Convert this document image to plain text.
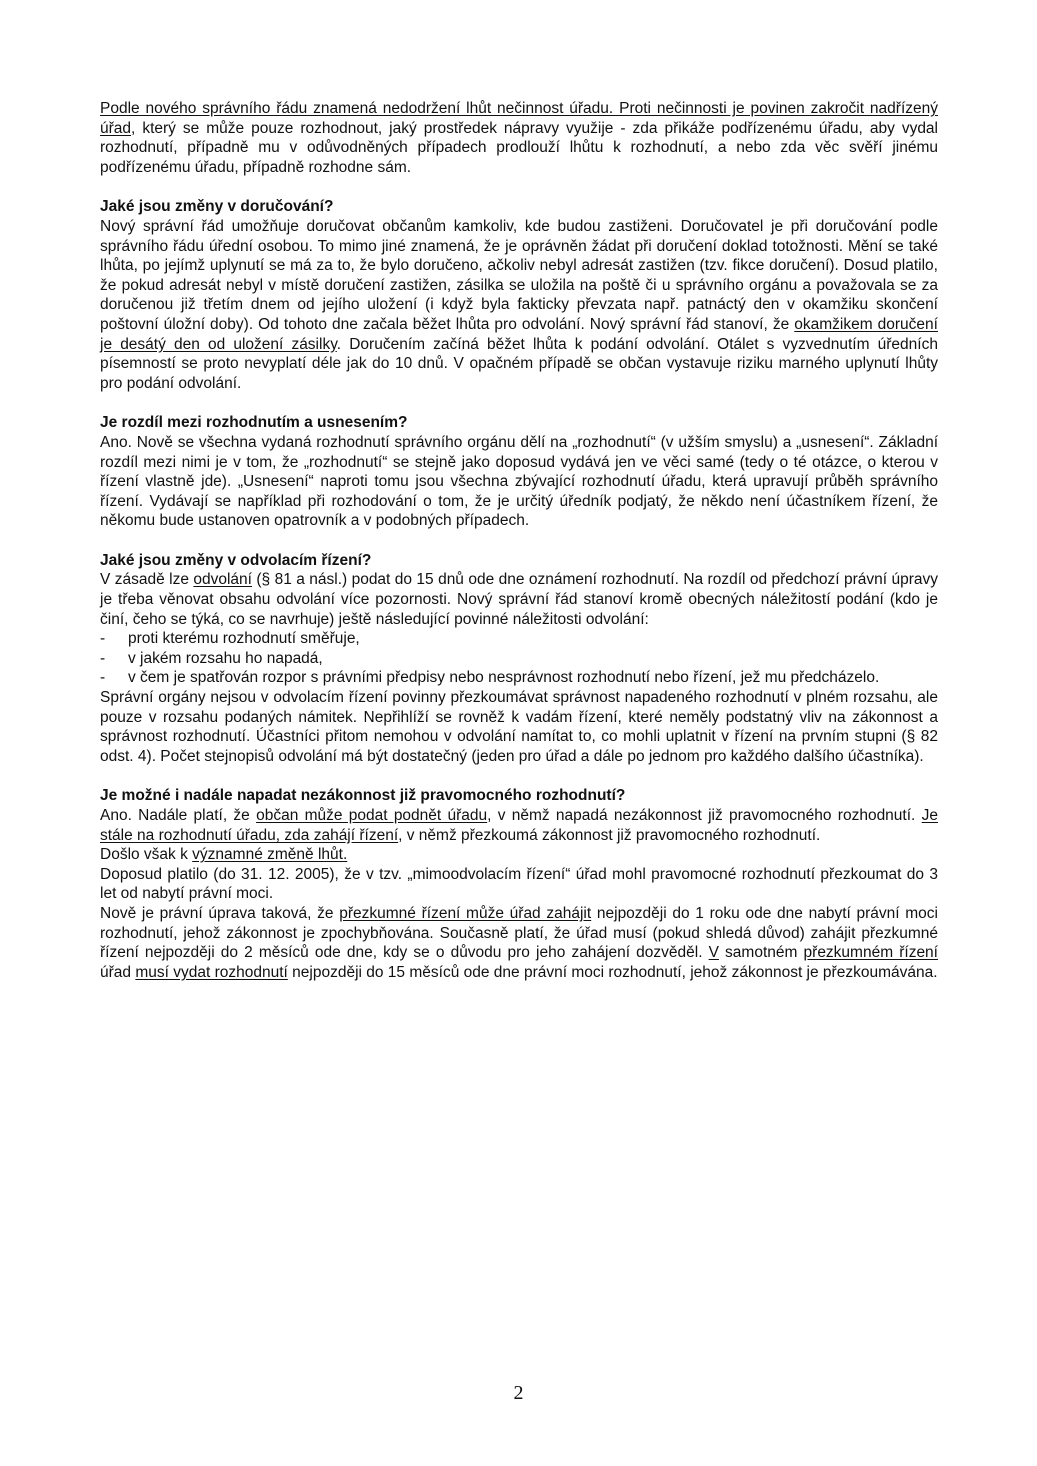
Podle nového správního řádu znamená nedodržení lhůt nečinnost úřadu. Proti nečinnosti je povinen zakročit nadřízený úřad, který se může pouze rozhodnout, jaký prostředek nápravy využije - zda přikáže podřízenému úřadu, aby vydal rozhodnutí, případně mu v odůvodněných případech prodlouží lhůtu k rozhodnutí, a nebo zda věc svěří jinému podřízenému úřadu, případně rozhodne sám.

Jaké jsou změny v doručování?

Nový správní řád umožňuje doručovat občanům kamkoliv, kde budou zastiženi. Doručovatel je při doručování podle správního řádu úřední osobou. To mimo jiné znamená, že je oprávněn žádat při doručení doklad totožnosti. Mění se také lhůta, po jejímž uplynutí se má za to, že bylo doručeno, ačkoliv nebyl adresát zastižen (tzv. fikce doručení). Dosud platilo, že pokud adresát nebyl v místě doručení zastižen, zásilka se uložila na poště či u správního orgánu a považovala se za doručenou již třetím dnem od jejího uložení (i když byla fakticky převzata např. patnáctý den v okamžiku skončení poštovní úložní doby). Od tohoto dne začala běžet lhůta pro odvolání. Nový správní řád stanoví, že okamžikem doručení je desátý den od uložení zásilky. Doručením začíná běžet lhůta k podání odvolání. Otálet s vyzvednutím úředních písemností se proto nevyplatí déle jak do 10 dnů. V opačném případě se občan vystavuje riziku marného uplynutí lhůty pro podání odvolání.

Je rozdíl mezi rozhodnutím a usnesením?

Ano. Nově se všechna vydaná rozhodnutí správního orgánu dělí na „rozhodnutí“ (v užším smyslu) a „usnesení“. Základní rozdíl mezi nimi je v tom, že „rozhodnutí“ se stejně jako doposud vydává jen ve věci samé (tedy o té otázce, o kterou v řízení vlastně jde). „Usnesení“ naproti tomu jsou všechna zbývající rozhodnutí úřadu, která upravují průběh správního řízení. Vydávají se například při rozhodování o tom, že je určitý úředník podjatý, že někdo není účastníkem řízení, že někomu bude ustanoven opatrovník a v podobných případech.

Jaké jsou změny v odvolacím řízení?

V zásadě lze odvolání (§ 81 a násl.) podat do 15 dnů ode dne oznámení rozhodnutí. Na rozdíl od předchozí právní úpravy je třeba věnovat obsahu odvolání více pozornosti. Nový správní řád stanoví kromě obecných náležitostí podání (kdo je činí, čeho se týká, co se navrhuje) ještě následující povinné náležitosti odvolání:

- proti kterému rozhodnutí směřuje,
- v jakém rozsahu ho napadá,
- v čem je spatřován rozpor s právními předpisy nebo nesprávnost rozhodnutí nebo řízení, jež mu předcházelo.

Správní orgány nejsou v odvolacím řízení povinny přezkoumávat správnost napadeného rozhodnutí v plném rozsahu, ale pouze v rozsahu podaných námitek. Nepřihlíží se rovněž k vadám řízení, které neměly podstatný vliv na zákonnost a správnost rozhodnutí. Účastníci přitom nemohou v odvolání namítat to, co mohli uplatnit v řízení na prvním stupni (§ 82 odst. 4). Počet stejnopisů odvolání má být dostatečný (jeden pro úřad a dále po jednom pro každého dalšího účastníka).

Je možné i nadále napadat nezákonnost již pravomocného rozhodnutí?

Ano. Nadále platí, že občan může podat podnět úřadu, v němž napadá nezákonnost již pravomocného rozhodnutí. Je stále na rozhodnutí úřadu, zda zahájí řízení, v němž přezkoumá zákonnost již pravomocného rozhodnutí.

Došlo však k významné změně lhůt.

Doposud platilo (do 31. 12. 2005), že v tzv. „mimoodvolacím řízení“ úřad mohl pravomocné rozhodnutí přezkoumat do 3 let od nabytí právní moci.

Nově je právní úprava taková, že přezkumné řízení může úřad zahájit nejpozději do 1 roku ode dne nabytí právní moci rozhodnutí, jehož zákonnost je zpochybňována. Současně platí, že úřad musí (pokud shledá důvod) zahájit přezkumné řízení nejpozději do 2 měsíců ode dne, kdy se o důvodu pro jeho zahájení dozvěděl. V samotném přezkumném řízení úřad musí vydat rozhodnutí nejpozději do 15 měsíců ode dne právní moci rozhodnutí, jehož zákonnost je přezkoumávána.

2
